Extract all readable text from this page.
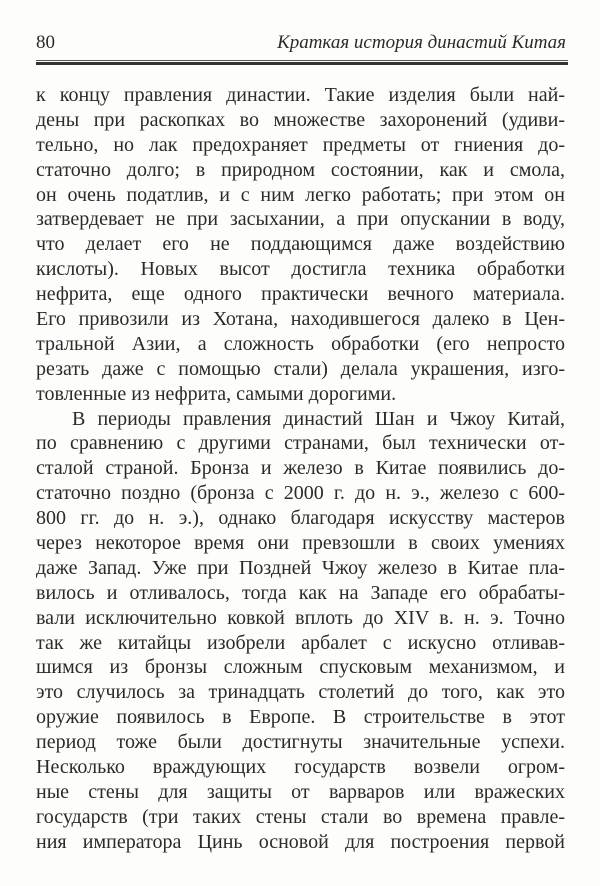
80	Краткая история династий Китая
к концу правления династии. Такие изделия были най-
дены при раскопках во множестве захоронений (удиви-
тельно, но лак предохраняет предметы от гниения до-
статочно долго; в природном состоянии, как и смола,
он очень податлив, и с ним легко работать; при этом он
затвердевает не при засыхании, а при опускании в воду,
что делает его не поддающимся даже воздействию
кислоты). Новых высот достигла техника обработки
нефрита, еще одного практически вечного материала.
Его привозили из Хотана, находившегося далеко в Цен-
тральной Азии, а сложность обработки (его непросто
резать даже с помощью стали) делала украшения, изго-
товленные из нефрита, самыми дорогими.
В периоды правления династий Шан и Чжоу Китай,
по сравнению с другими странами, был технически от-
сталой страной. Бронза и железо в Китае появились до-
статочно поздно (бронза с 2000 г. до н. э., железо с 600-
800 гг. до н. э.), однако благодаря искусству мастеров
через некоторое время они превзошли в своих умениях
даже Запад. Уже при Поздней Чжоу железо в Китае пла-
вилось и отливалось, тогда как на Западе его обрабаты-
вали исключительно ковкой вплоть до XIV в. н. э. Точно
так же китайцы изобрели арбалет с искусно отливав-
шимся из бронзы сложным спусковым механизмом, и
это случилось за тринадцать столетий до того, как это
оружие появилось в Европе. В строительстве в этот
период тоже были достигнуты значительные успехи.
Несколько враждующих государств возвели огром-
ные стены для защиты от варваров или вражеских
государств (три таких стены стали во времена правле-
ния императора Цинь основой для построения первой
